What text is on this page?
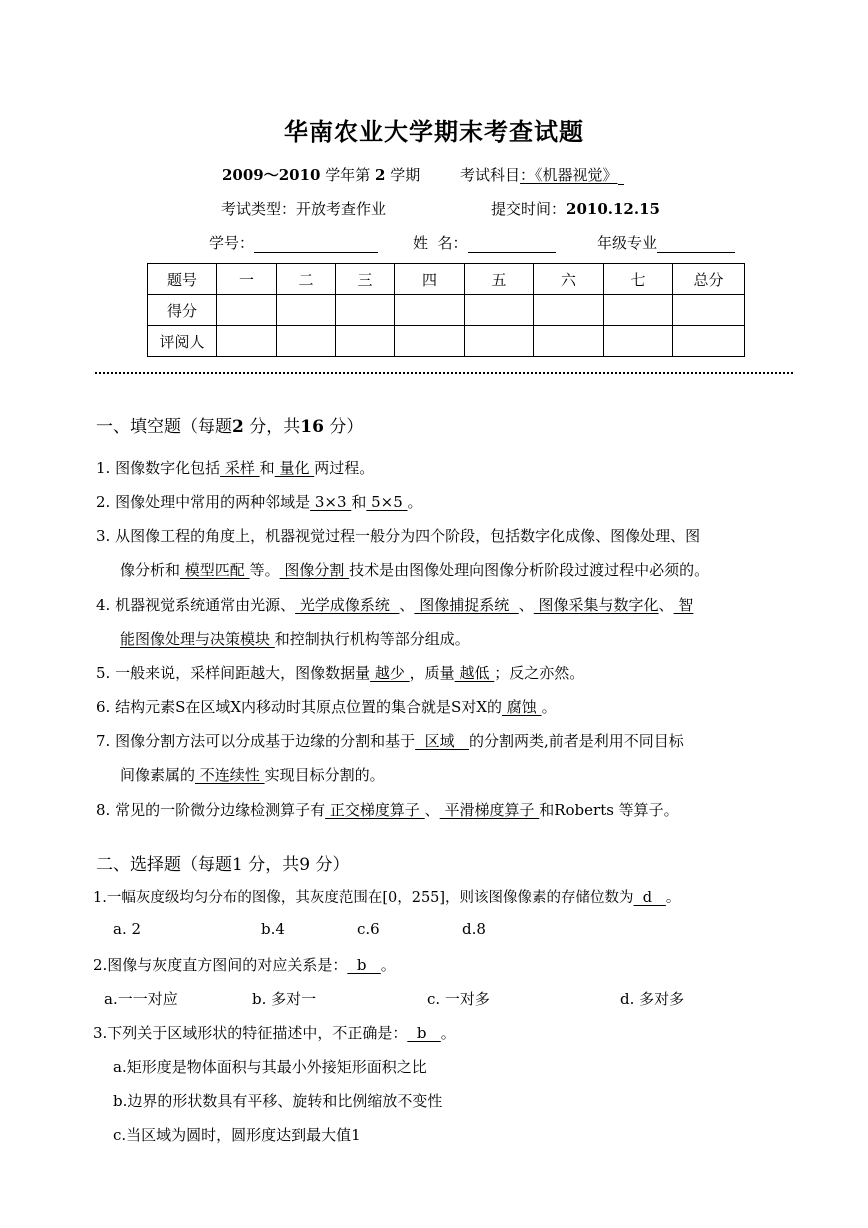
华南农业大学期末考查试题
2009～2010 学年第 2 学期	考试科目：《机器视觉》
考试类型：开放考查作业	提交时间：2010.12.15
学号：	姓  名：	年级专业
题号	一	二	三	四	五	六	七	总分
得分								
评阅人								
一、填空题（每题2 分，共16 分）
1. 图像数字化包括 采样 和 量化 两过程。
2. 图像处理中常用的两种邻域是 3×3 和 5×5 。
3. 从图像工程的角度上，机器视觉过程一般分为四个阶段，包括数字化成像、图像处理、图
像分析和 模型匹配 等。 图像分割 技术是由图像处理向图像分析阶段过渡过程中必须的。
4. 机器视觉系统通常由光源、 光学成像系统  、 图像捕捉系统  、 图像采集与数字化、 智
能图像处理与决策模块 和控制执行机构等部分组成。
5. 一般来说，采样间距越大，图像数据量 越少 ，质量 越低 ；反之亦然。
6. 结构元素S在区域X内移动时其原点位置的集合就是S对X的 腐蚀 。
7. 图像分割方法可以分成基于边缘的分割和基于  区域   的分割两类,前者是利用不同目标
间像素属的 不连续性 实现目标分割的。
8. 常见的一阶微分边缘检测算子有 正交梯度算子 、 平滑梯度算子 和Roberts 等算子。
二、选择题（每题1 分，共9 分）
1.一幅灰度级均匀分布的图像，其灰度范围在[0，255]，则该图像像素的存储位数为  d   。
a. 2	b.4	c.6	d.8
2.图像与灰度直方图间的对应关系是：  b   。
a.一一对应	b. 多对一	c. 一对多	d. 多对多
3.下列关于区域形状的特征描述中，不正确是：  b   。
a.矩形度是物体面积与其最小外接矩形面积之比
b.边界的形状数具有平移、旋转和比例缩放不变性
c.当区域为圆时，圆形度达到最大值1
